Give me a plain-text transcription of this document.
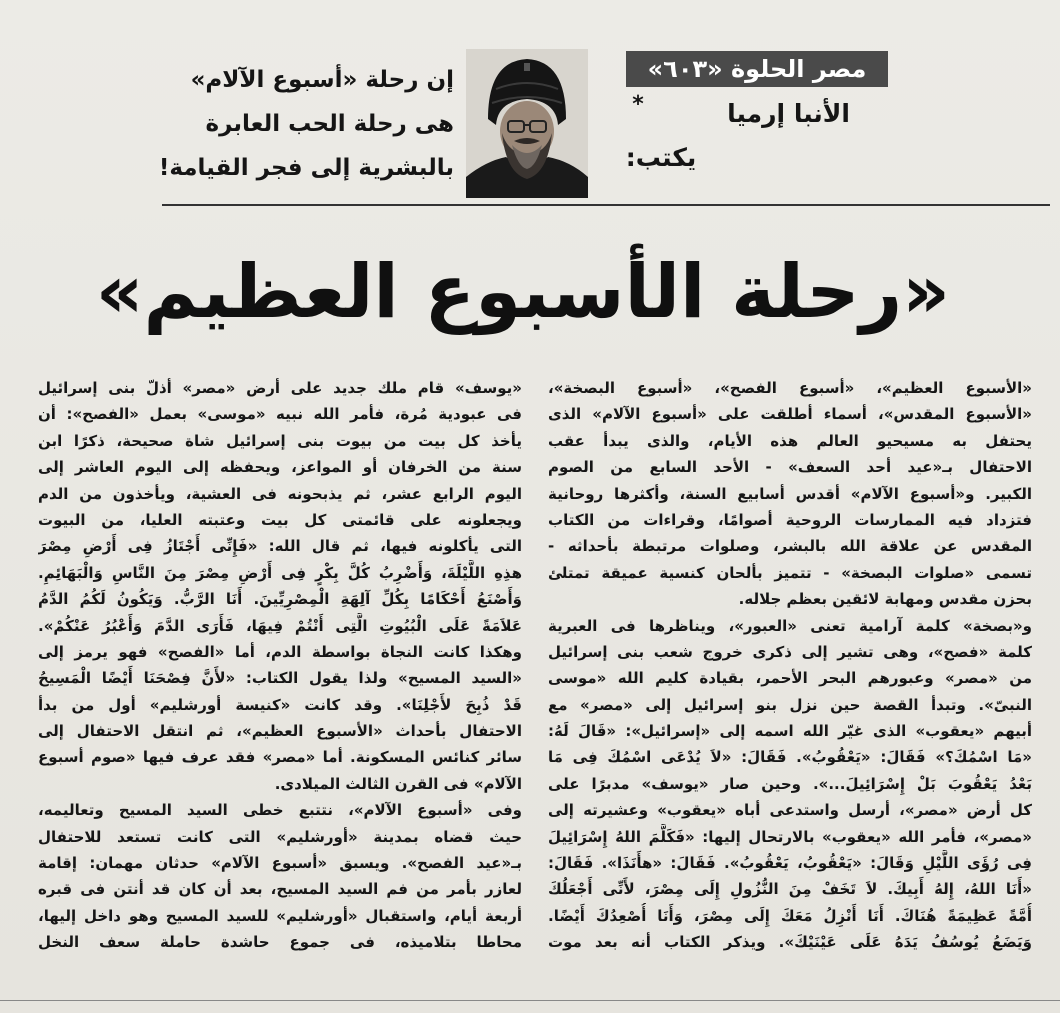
مصر الحلوة «٦٠٣»
*	الأنبا إرميا
يكتب:
إن رحلة «أسبوع الآلام»
هى رحلة الحب العابرة
بالبشرية إلى فجر القيامة!
«رحلة الأسبوع العظيم»
«الأسبوع العظيم»، «أسبوع الفصح»، «أسبوع البصخة»،
«الأسبوع المقدس»، أسماء أطلقت على «أسبوع الآلام» الذى
يحتفل به مسيحيو العالم هذه الأيام، والذى يبدأ عقب
الاحتفال بـ«عيد أحد السعف» - الأحد السابع من الصوم
الكبير. و«أسبوع الآلام» أقدس أسابيع السنة، وأكثرها روحانية
فتزداد فيه الممارسات الروحية أصوامًا، وقراءات من الكتاب
المقدس عن علاقة الله بالبشر، وصلوات مرتبطة بأحداثه -
تسمى «صلوات البصخة» - تتميز بألحان كنسية عميقة تمتلئ
بحزن مقدس ومهابة لائقين بعظم جلاله.
و«بصخة» كلمة آرامية تعنى «العبور»، ويناظرها فى العبرية
كلمة «فصح»، وهى تشير إلى ذكرى خروج شعب بنى إسرائيل
من «مصر» وعبورهم البحر الأحمر، بقيادة كليم الله «موسى
النبىّ». وتبدأ القصة حين نزل بنو إسرائيل إلى «مصر» مع
أبيهم «يعقوب» الذى غيّر الله اسمه إلى «إسرائيل»: «قَالَ لَهُ:
«مَا اسْمُكَ؟» فَقَالَ: «يَعْقُوبُ». فَقَالَ: «لاَ يُدْعَى اسْمُكَ فِى مَا
بَعْدُ يَعْقُوبَ بَلْ إِسْرَائِيلَ...». وحين صار «يوسف» مدبرًا على
كل أرض «مصر»، أرسل واستدعى أباه «يعقوب» وعشيرته إلى
«مصر»، فأمر الله «يعقوب» بالارتحال إليها: «فَكَلَّمَ اللهُ إِسْرَائِيلَ
فِى رُؤَى اللَّيْلِ وَقَالَ: «يَعْقُوبُ، يَعْقُوبُ». فَقَالَ: «هأَنَذَا». فَقَالَ:
«أَنَا اللهُ، إِلهُ أَبِيكَ. لاَ تَخَفْ مِنَ النُّزُولِ إِلَى مِصْرَ، لأَنِّى أَجْعَلُكَ
أُمَّةً عَظِيمَةً هُنَاكَ. أَنَا أَنْزِلُ مَعَكَ إِلَى مِصْرَ، وَأَنَا أُصْعِدُكَ أَيْضًا.
وَيَضَعُ يُوسُفُ يَدَهُ عَلَى عَيْنَيْكَ». ويذكر الكتاب أنه بعد موت
«يوسف» قام ملك جديد على أرض «مصر» أذلّ بنى إسرائيل
فى عبودية مُرة، فأمر الله نبيه «موسى» بعمل «الفصح»: أن
يأخذ كل بيت من بيوت بنى إسرائيل شاة صحيحة، ذكرًا ابن
سنة من الخرفان أو المواعز، ويحفظه إلى اليوم العاشر إلى
اليوم الرابع عشر، ثم يذبحونه فى العشية، ويأخذون من الدم
ويجعلونه على قائمتى كل بيت وعتبته العليا، من البيوت
التى يأكلونه فيها، ثم قال الله: «فَإِنِّى أَجْتَازُ فِى أَرْضِ مِصْرَ
هذِهِ اللَّيْلَةَ، وَأَضْرِبُ كُلَّ بِكْرٍ فِى أَرْضِ مِصْرَ مِنَ النَّاسِ وَالْبَهَائِمِ.
وَأَصْنَعُ أَحْكَامًا بِكُلِّ آلِهَةِ الْمِصْرِيِّينَ. أَنَا الرَّبُّ. وَيَكُونُ لَكُمُ الدَّمُ
عَلاَمَةً عَلَى الْبُيُوتِ الَّتِى أَنْتُمْ فِيهَا، فَأَرَى الدَّمَ وَأَعْبُرُ عَنْكُمْ».
وهكذا كانت النجاة بواسطة الدم، أما «الفصح» فهو يرمز إلى
«السيد المسيح» ولذا يقول الكتاب: «لأَنَّ فِصْحَنَا أَيْضًا الْمَسِيحُ
قَدْ ذُبِحَ لأَجْلِنَا». وقد كانت «كنيسة أورشليم» أول من بدأ
الاحتفال بأحداث «الأسبوع العظيم»، ثم انتقل الاحتفال إلى
سائر كنائس المسكونة. أما «مصر» فقد عرف فيها «صوم أسبوع
الآلام» فى القرن الثالث الميلادى.
وفى «أسبوع الآلام»، نتتبع خطى السيد المسيح وتعاليمه،
حيث قضاه بمدينة «أورشليم» التى كانت تستعد للاحتفال
بـ«عيد الفصح». ويسبق «أسبوع الآلام» حدثان مهمان: إقامة
لعازر بأمر من فم السيد المسيح، بعد أن كان قد أنتن فى قبره
أربعة أيام، واستقبال «أورشليم» للسيد المسيح وهو داخل إليها،
محاطا بتلاميذه، فى جموع حاشدة حاملة سعف النخل
